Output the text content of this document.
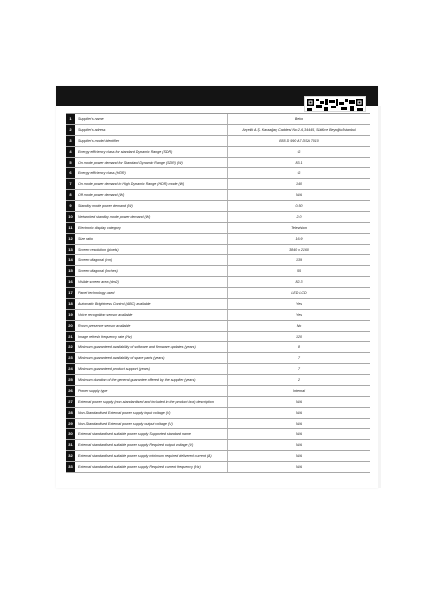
1	Supplier's name	Beko
2	Supplier's adress	Arçelik A.Ş. Karaağaç Caddesi No:2-6,34445, Sütlüce Beyoğlu/İstanbul
3	Supplier's model identifier	B55 D 990 A7 DSA 7010
4	Energy efficiency class for standard Dynamic Range (SDR)	G
5	On mode power demand for Standard Dynamic Range (SDR) (W)	83.1
6	Energy efficiency class (HDR)	G
7	On mode power demand in High Dynamic Range (HDR) mode (W)	140
8	Off mode power demand (W)	N/A
9	Standby mode power demand (W)	0.50
10	Networked standby mode power demand (W)	2.0
11	Electronic display category	Television
12	Size ratio	16:9
13	Screen resolution (pixels)	3840 x 2160
14	Screen diagonal (cm)	139
15	Screen diagonal (inches)	55
16	Visible screen area (dm2)	82.3
17	Panel technology used	LED LCD
18	Automatic Brightness Control (ABC) available	Yes
19	Voice recognition sensor available	Yes
20	Room presence sensor available	No
21	Image refresh frequency rate (Hz)	120
22	Minimum guaranteed availability of software and firmware updates (years)	8
23	Minimum guaranteed availability of spare parts (years)	7
24	Minimum guaranteed product support (years)	7
25	Minimum duration of the general guarantee offered by the supplier (years)	2
26	Power supply type	Internal
27	External power supply (non-standardised and included in the product box) description	N/A
28	Non-Standardised External power supply input voltage (V)	N/A
29	Non-Standardised External power supply output voltage (V)	N/A
30	External standardised suitable power supply Supported standard name	N/A
31	External standardised suitable power supply Required output voltage (V)	N/A
32	External standardised suitable power supply minimum required delivered current (A)	N/A
33	External standardised suitable power supply Required current frequency (Hz)	N/A
